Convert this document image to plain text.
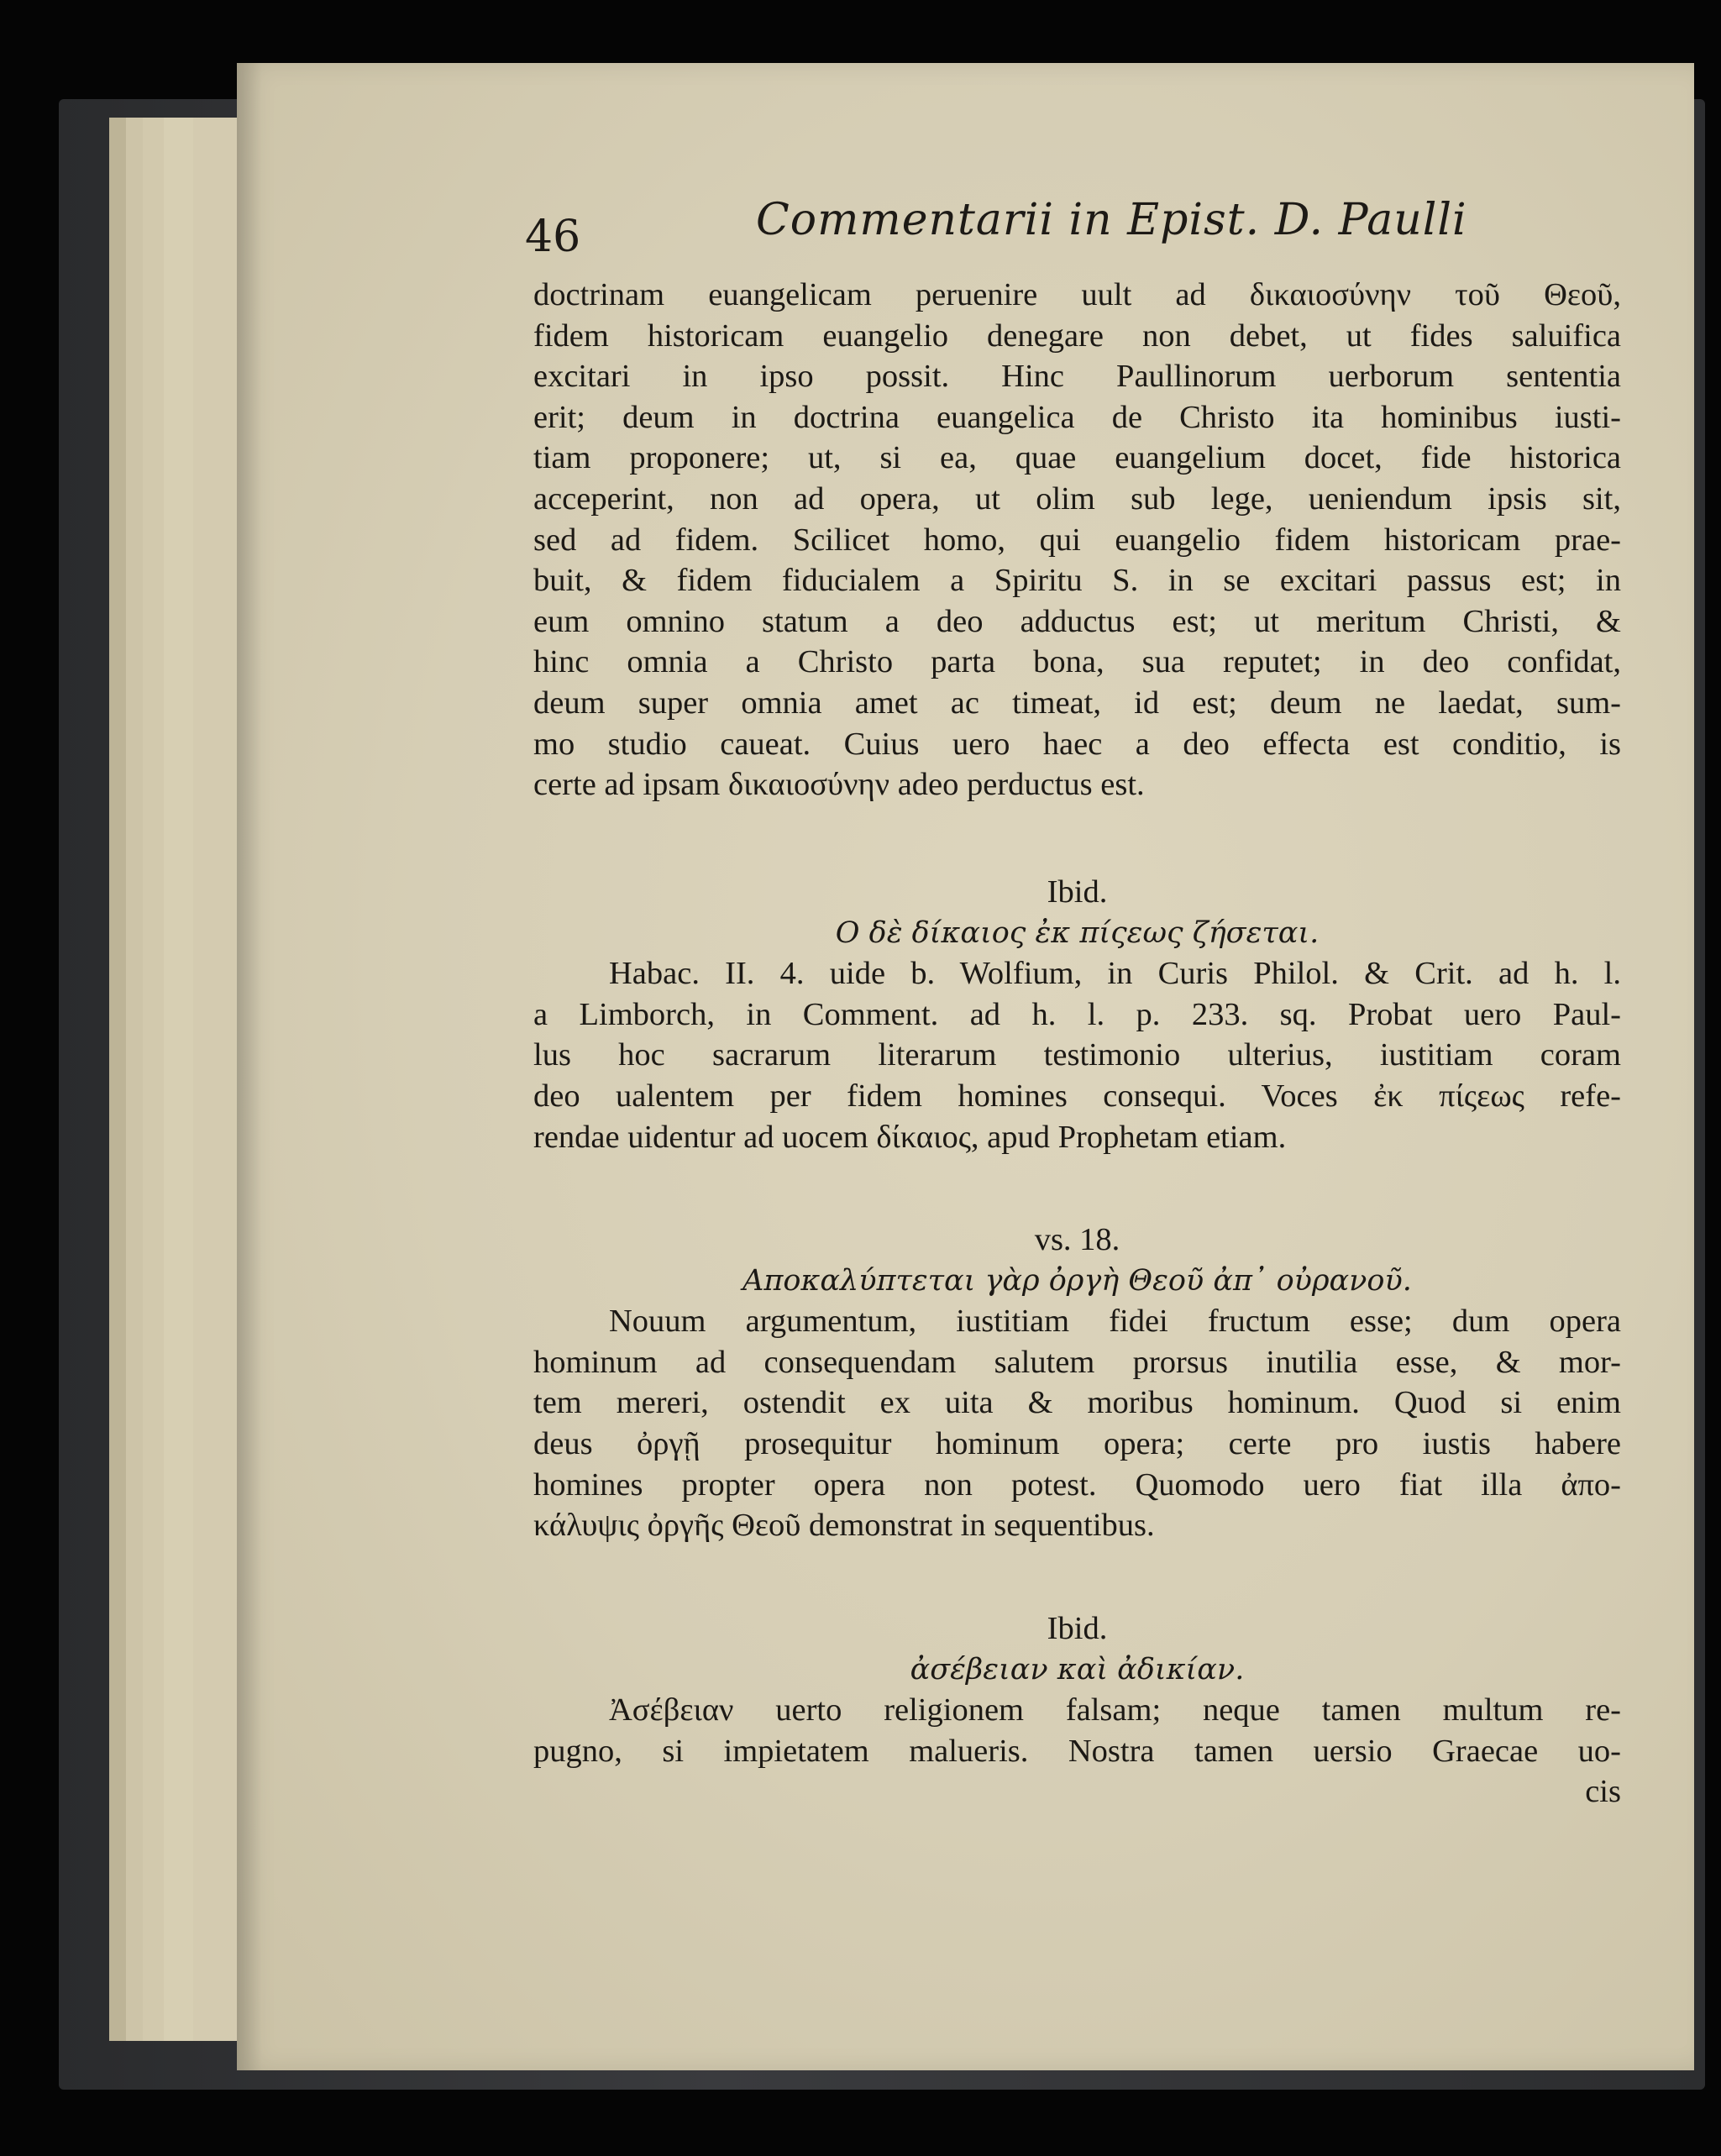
46	Commentarii in Epist. D. Paulli
doctrinam euangelicam peruenire uult ad δικαιοσύνην τοῦ Θεοῦ,
fidem historicam euangelio denegare non debet, ut fides saluifica
excitari in ipso possit. Hinc Paullinorum uerborum sententia
erit; deum in doctrina euangelica de Christo ita hominibus iusti-
tiam proponere; ut, si ea, quae euangelium docet, fide historica
acceperint, non ad opera, ut olim sub lege, ueniendum ipsis sit,
sed ad fidem. Scilicet homo, qui euangelio fidem historicam prae-
buit, & fidem fiducialem a Spiritu S. in se excitari passus est; in
eum omnino statum a deo adductus est; ut meritum Christi, &
hinc omnia a Christo parta bona, sua reputet; in deo confidat,
deum super omnia amet ac timeat, id est; deum ne laedat, sum-
mo studio caueat. Cuius uero haec a deo effecta est conditio, is
certe ad ipsam δικαιοσύνην adeo perductus est.
Ibid.
Ο δὲ δίκαιος ἐκ πίςεως ζήσεται.
Habac. II. 4. uide b. Wolfium, in Curis Philol. & Crit. ad h. l.
a Limborch, in Comment. ad h. l. p. 233. sq. Probat uero Paul-
lus hoc sacrarum literarum testimonio ulterius, iustitiam coram
deo ualentem per fidem homines consequi. Voces ἐκ πίςεως refe-
rendae uidentur ad uocem δίκαιος, apud Prophetam etiam.
vs. 18.
Αποκαλύπτεται γὰρ ὀργὴ Θεοῦ ἀπ᾽ οὐρανοῦ.
Nouum argumentum, iustitiam fidei fructum esse; dum opera
hominum ad consequendam salutem prorsus inutilia esse, & mor-
tem mereri, ostendit ex uita & moribus hominum. Quod si enim
deus ὀργῇ prosequitur hominum opera; certe pro iustis habere
homines propter opera non potest. Quomodo uero fiat illa ἀπο-
κάλυψις ὀργῆς Θεοῦ demonstrat in sequentibus.
Ibid.
ἀσέβειαν καὶ ἀδικίαν.
Ἀσέβειαν uerto religionem falsam; neque tamen multum re-
pugno, si impietatem malueris. Nostra tamen uersio Graecae uo-
cis
